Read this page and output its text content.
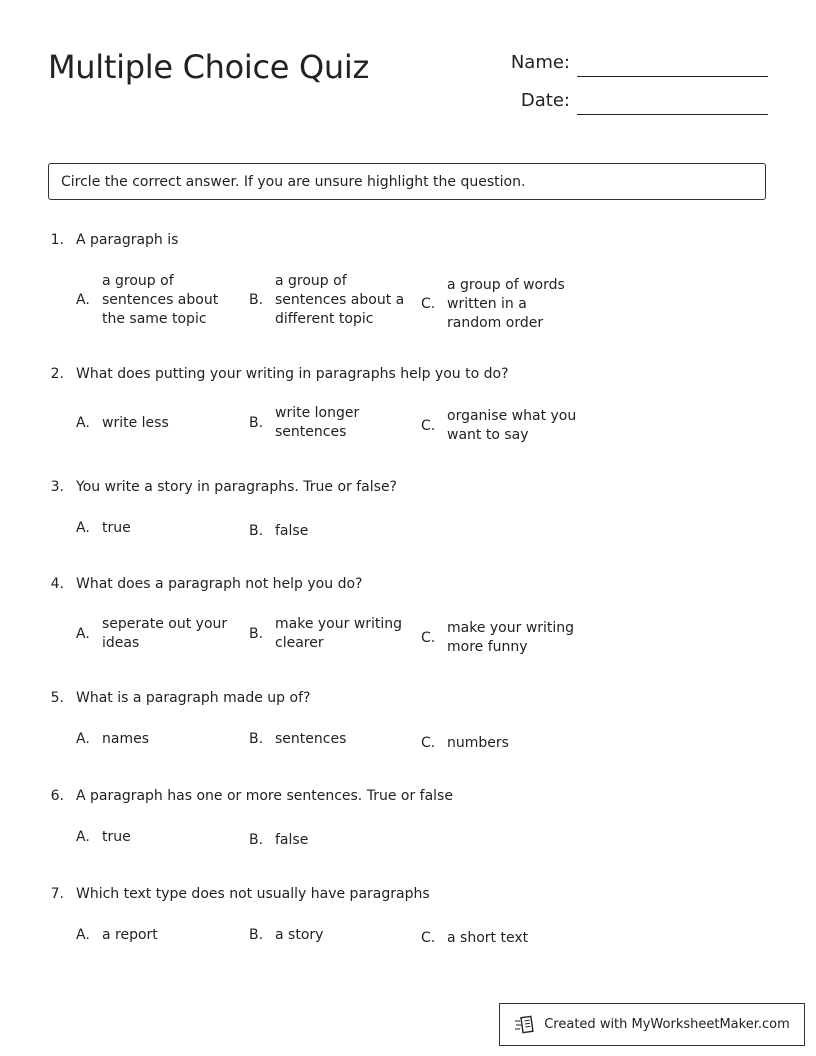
Multiple Choice Quiz	Name:
Date:
Circle the correct answer. If you are unsure highlight the question.
1. A paragraph is
A.
a group of sentences about the same topic
B.
a group of sentences about a different topic
C.
a group of words written in a random order
2. What does putting your writing in paragraphs help you to do?
A. write less	B.
write longer sentences	C.
organise what you want to say
3. You write a story in paragraphs. True or false?
A. true	B. false
4. What does a paragraph not help you do?
A.
seperate out your ideas
B.
make your writing clearer	C.
make your writing more funny
5. What is a paragraph made up of?
A. names	B. sentences	C. numbers
6. A paragraph has one or more sentences. True or false
A. true	B. false
7. Which text type does not usually have paragraphs
A. a report	B. a story	C. a short text
Created with MyWorksheetMaker.com
